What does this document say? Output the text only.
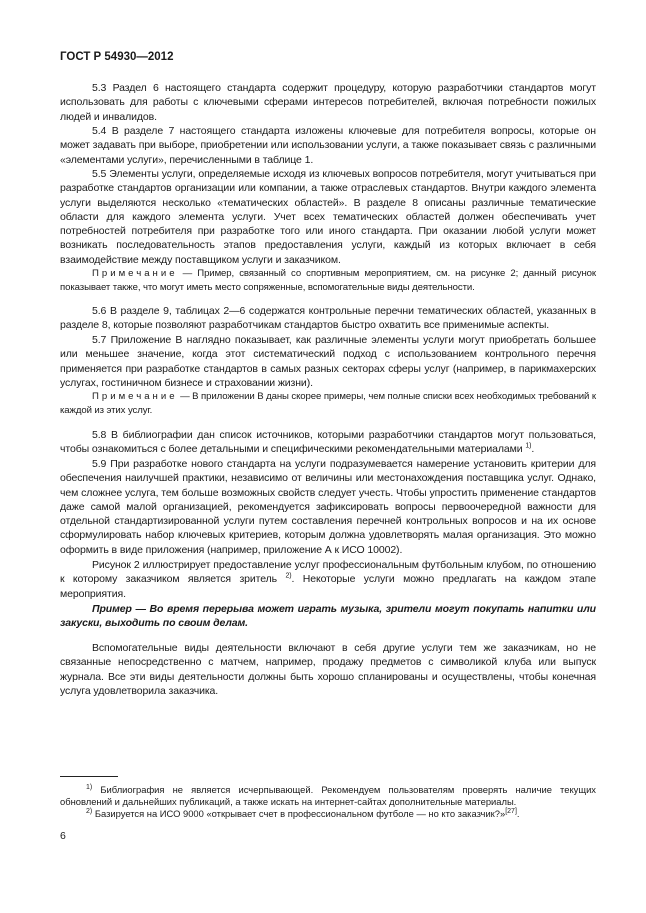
ГОСТ Р 54930—2012

5.3 Раздел 6 настоящего стандарта содержит процедуру, которую разработчики стандартов могут использовать для работы с ключевыми сферами интересов потребителей, включая потребности пожилых людей и инвалидов.

5.4 В разделе 7 настоящего стандарта изложены ключевые для потребителя вопросы, которые он может задавать при выборе, приобретении или использовании услуги, а также показывает связь с различными «элементами услуги», перечисленными в таблице 1.

5.5 Элементы услуги, определяемые исходя из ключевых вопросов потребителя, могут учитываться при разработке стандартов организации или компании, а также отраслевых стандартов. Внутри каждого элемента услуги выделяются несколько «тематических областей». В разделе 8 описаны различные тематические области для каждого элемента услуги. Учет всех тематических областей должен обеспечивать учет потребностей потребителя при разработке того или иного стандарта. При оказании любой услуги может возникать последовательность этапов предоставления услуги, каждый из которых включает в себя взаимодействие между поставщиком услуги и заказчиком.

Примечание — Пример, связанный со спортивным мероприятием, см. на рисунке 2; данный рисунок показывает также, что могут иметь место сопряженные, вспомогательные виды деятельности.

5.6 В разделе 9, таблицах 2—6 содержатся контрольные перечни тематических областей, указанных в разделе 8, которые позволяют разработчикам стандартов быстро охватить все применимые аспекты.

5.7 Приложение В наглядно показывает, как различные элементы услуги могут приобретать большее или меньшее значение, когда этот систематический подход с использованием контрольного перечня применяется при разработке стандартов в самых разных секторах сферы услуг (например, в парикмахерских услугах, гостиничном бизнесе и страховании жизни).

Примечание — В приложении В даны скорее примеры, чем полные списки всех необходимых требований к каждой из этих услуг.

5.8 В библиографии дан список источников, которыми разработчики стандартов могут пользоваться, чтобы ознакомиться с более детальными и специфическими рекомендательными материалами $^{1)}$.

5.9 При разработке нового стандарта на услуги подразумевается намерение установить критерии для обеспечения наилучшей практики, независимо от величины или местонахождения поставщика услуг. Однако, чем сложнее услуга, тем больше возможных свойств следует учесть. Чтобы упростить применение стандартов даже самой малой организацией, рекомендуется зафиксировать вопросы первоочередной важности для отдельной стандартизированной услуги путем составления перечней контрольных вопросов и на их основе сформулировать набор ключевых критериев, которым должна удовлетворять малая организация. Это можно оформить в виде приложения (например, приложение А к ИСО 10002).

Рисунок 2 иллюстрирует предоставление услуг профессиональным футбольным клубом, по отношению к которому заказчиком является зритель $^{2)}$. Некоторые услуги можно предлагать на каждом этапе мероприятия.

Пример — Во время перерыва может играть музыка, зрители могут покупать напитки или закуски, выходить по своим делам.

Вспомогательные виды деятельности включают в себя другие услуги тем же заказчикам, но не связанные непосредственно с матчем, например, продажу предметов с символикой клуба или выпуск журнала. Все эти виды деятельности должны быть хорошо спланированы и осуществлены, чтобы конечная услуга удовлетворила заказчика.

$^{1)}$ Библиография не является исчерпывающей. Рекомендуем пользователям проверять наличие текущих обновлений и дальнейших публикаций, а также искать на интернет-сайтах дополнительные материалы.

$^{2)}$ Базируется на ИСО 9000 «открывает счет в профессиональном футболе — но кто заказчик?»[27].

6
